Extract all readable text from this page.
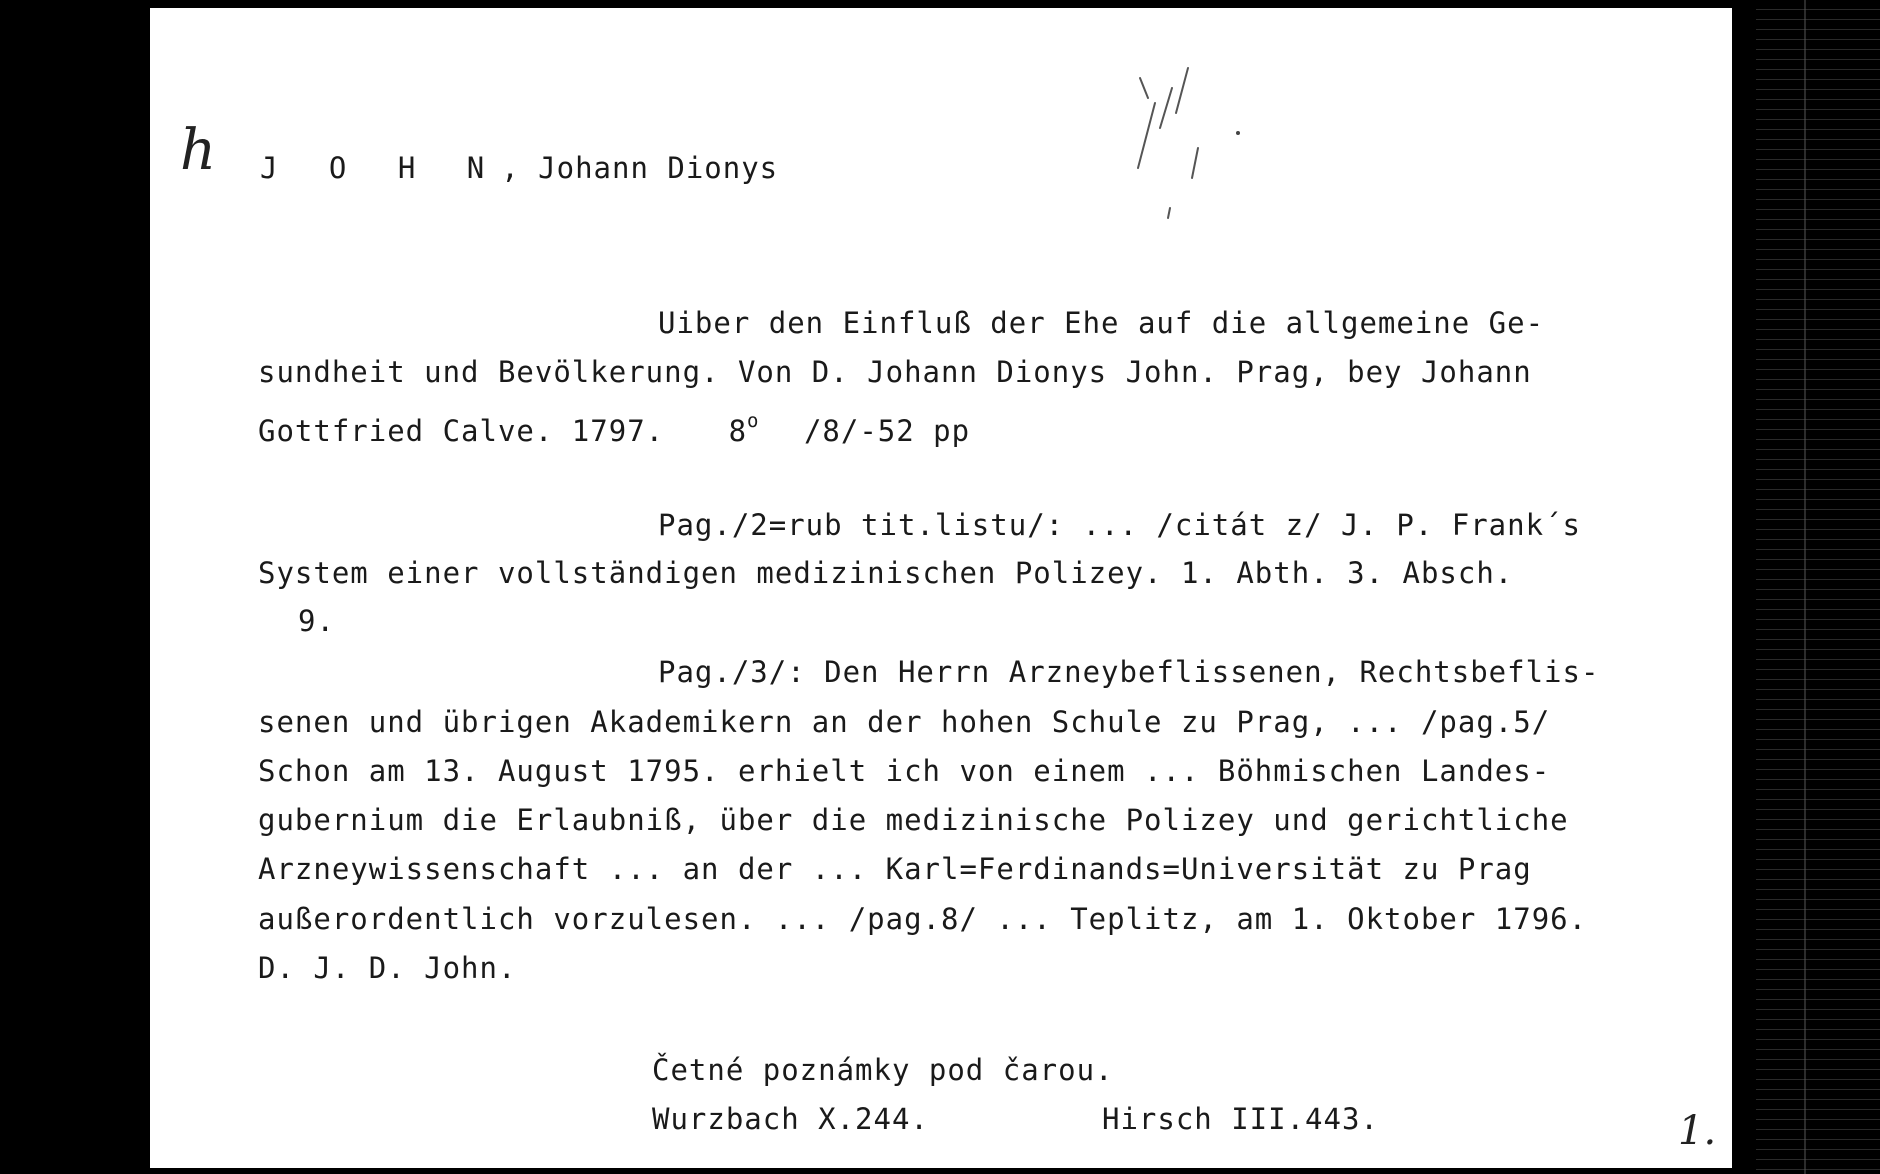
h J O H N, Johann Dionys
Uiber den Einfluß der Ehe auf die allgemeine Ge-
sundheit und Bevölkerung. Von D. Johann Dionys John. Prag, bey Johann
Gottfried Calve. 1797. 8$^o$ /8/-52 pp
Pag./2=rub tit.listu/: ... /citát z/ J. P. Frank´s
System einer vollständigen medizinischen Polizey. 1. Abth. 3. Absch.
9.
Pag./3/: Den Herrn Arzneybeflissenen, Rechtsbeflis-
senen und übrigen Akademikern an der hohen Schule zu Prag, ... /pag.5/
Schon am 13. August 1795. erhielt ich von einem ... Böhmischen Landes-
gubernium die Erlaubniß, über die medizinische Polizey und gerichtliche
Arzneywissenschaft ... an der ... Karl=Ferdinands=Universität zu Prag
außerordentlich vorzulesen. ... /pag.8/ ... Teplitz, am 1. Oktober 1796.
D. J. D. John.
Četné poznámky pod čarou.
Wurzbach X.244.	Hirsch III.443.	1.
